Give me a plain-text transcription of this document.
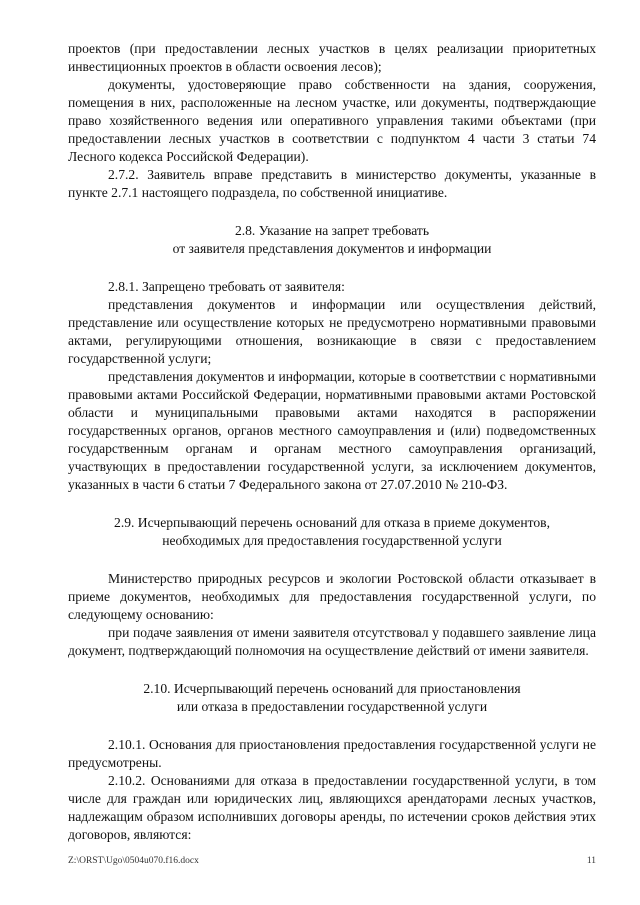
проектов (при предоставлении лесных участков в целях реализации приоритетных инвестиционных проектов в области освоения лесов);

документы, удостоверяющие право собственности на здания, сооружения, помещения в них, расположенные на лесном участке, или документы, подтверждающие право хозяйственного ведения или оперативного управления такими объектами (при предоставлении лесных участков в соответствии с подпунктом 4 части 3 статьи 74 Лесного кодекса Российской Федерации).

2.7.2. Заявитель вправе представить в министерство документы, указанные в пункте 2.7.1 настоящего подраздела, по собственной инициативе.

2.8. Указание на запрет требовать
от заявителя представления документов и информации

2.8.1. Запрещено требовать от заявителя:

представления документов и информации или осуществления действий, представление или осуществление которых не предусмотрено нормативными правовыми актами, регулирующими отношения, возникающие в связи с предоставлением государственной услуги;

представления документов и информации, которые в соответствии с нормативными правовыми актами Российской Федерации, нормативными правовыми актами Ростовской области и муниципальными правовыми актами находятся в распоряжении государственных органов, органов местного самоуправления и (или) подведомственных государственным органам и органам местного самоуправления организаций, участвующих в предоставлении государственной услуги, за исключением документов, указанных в части 6 статьи 7 Федерального закона от 27.07.2010 № 210-ФЗ.

2.9. Исчерпывающий перечень оснований для отказа в приеме документов,
необходимых для предоставления государственной услуги

Министерство природных ресурсов и экологии Ростовской области отказывает в приеме документов, необходимых для предоставления государственной услуги, по следующему основанию:

при подаче заявления от имени заявителя отсутствовал у подавшего заявление лица документ, подтверждающий полномочия на осуществление действий от имени заявителя.

2.10. Исчерпывающий перечень оснований для приостановления
или отказа в предоставлении государственной услуги

2.10.1. Основания для приостановления предоставления государственной услуги не предусмотрены.

2.10.2. Основаниями для отказа в предоставлении государственной услуги, в том числе для граждан или юридических лиц, являющихся арендаторами лесных участков, надлежащим образом исполнивших договоры аренды, по истечении сроков действия этих договоров, являются:

Z:\ORST\Ugo\0504u070.f16.docx	11
